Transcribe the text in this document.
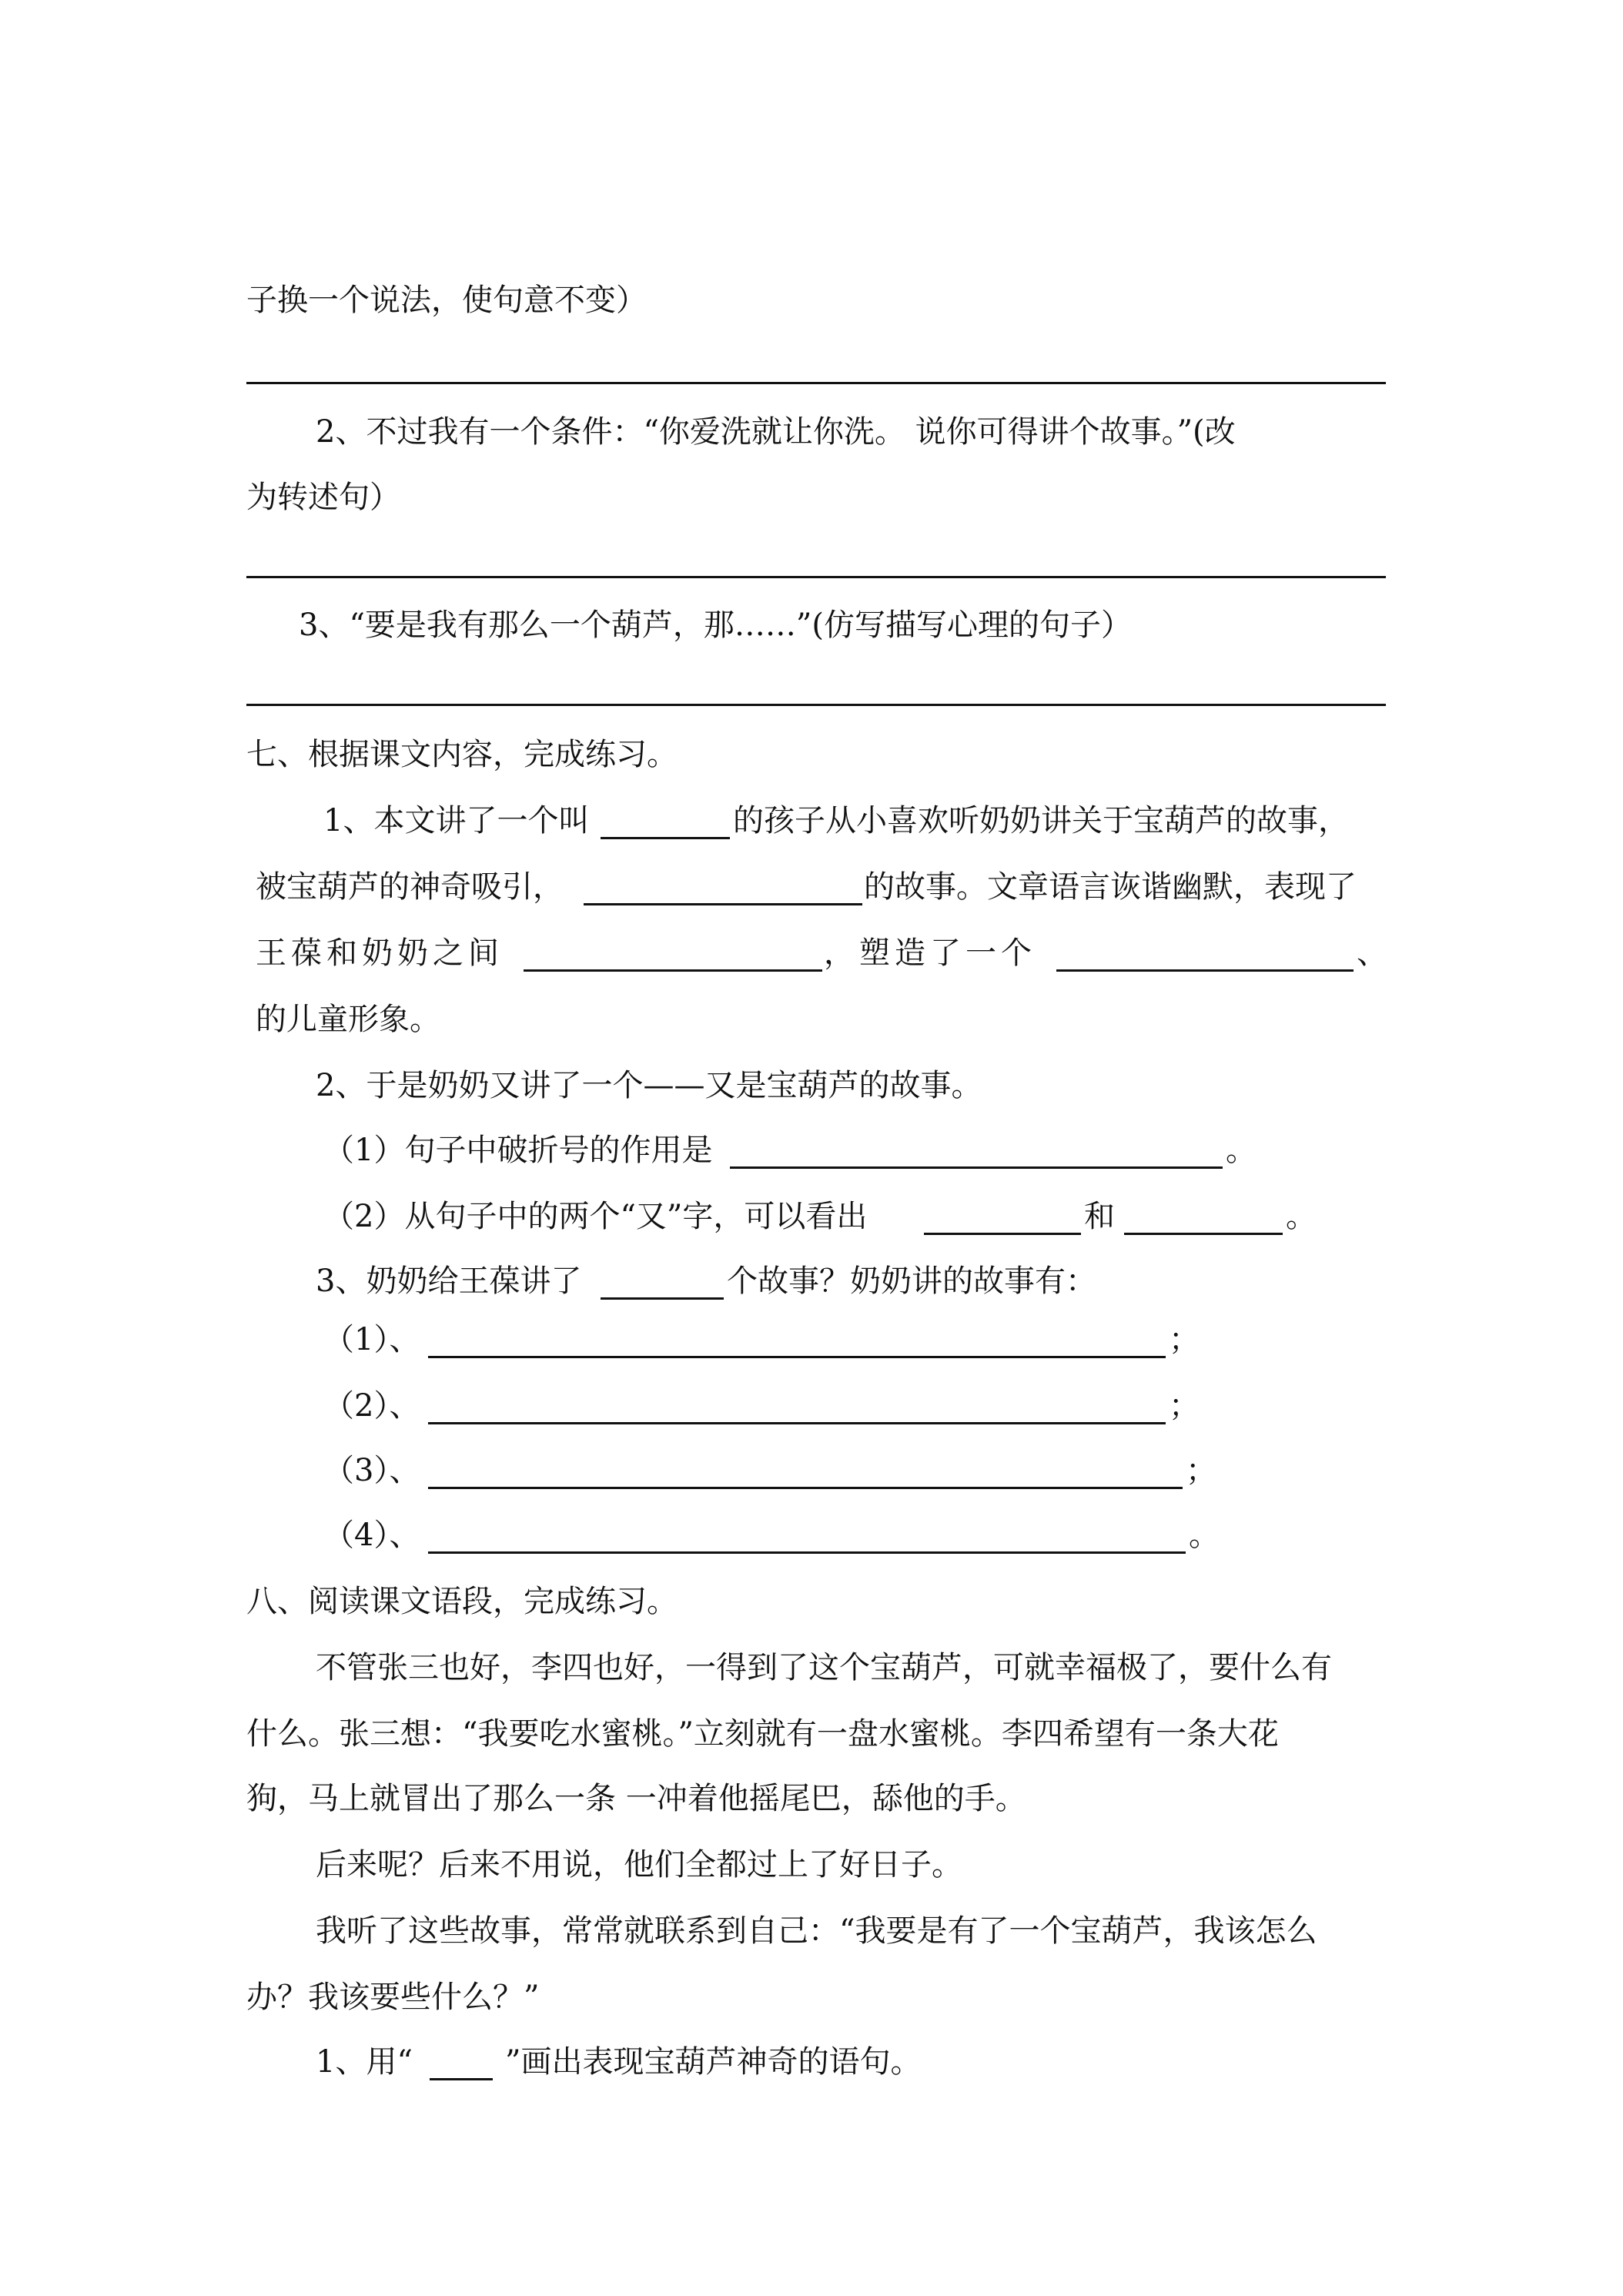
子换一个说法，使句意不变）
2、不过我有一个条件：“你爱洗就让你洗。 说你可得讲个故事。”(改
为转述句）
3、“要是我有那么一个葫芦，那……”(仿写描写心理的句子）
七、根据课文内容，完成练习。
1、本文讲了一个叫	的孩子从小喜欢听奶奶讲关于宝葫芦的故事，
被宝葫芦的神奇吸引，	的故事。文章语言诙谐幽默，表现了
王葆和奶奶之间	，塑造了一个	、
的儿童形象。
2、于是奶奶又讲了一个——又是宝葫芦的故事。
（1）句子中破折号的作用是	。
（2）从句子中的两个“又”字，可以看出	和	。
3、奶奶给王葆讲了	个故事？奶奶讲的故事有：
（1）、	；
（2）、	；
（3）、	；
（4）、	。
八、阅读课文语段，完成练习。
不管张三也好，李四也好，一得到了这个宝葫芦，可就幸福极了，要什么有
什么。张三想：“我要吃水蜜桃。”立刻就有一盘水蜜桃。李四希望有一条大花
狗，马上就冒出了那么一条 一冲着他摇尾巴，舔他的手。
后来呢？后来不用说，他们全都过上了好日子。
我听了这些故事，常常就联系到自己：“我要是有了一个宝葫芦，我该怎么
办？我该要些什么？”
1、用“	”画出表现宝葫芦神奇的语句。
